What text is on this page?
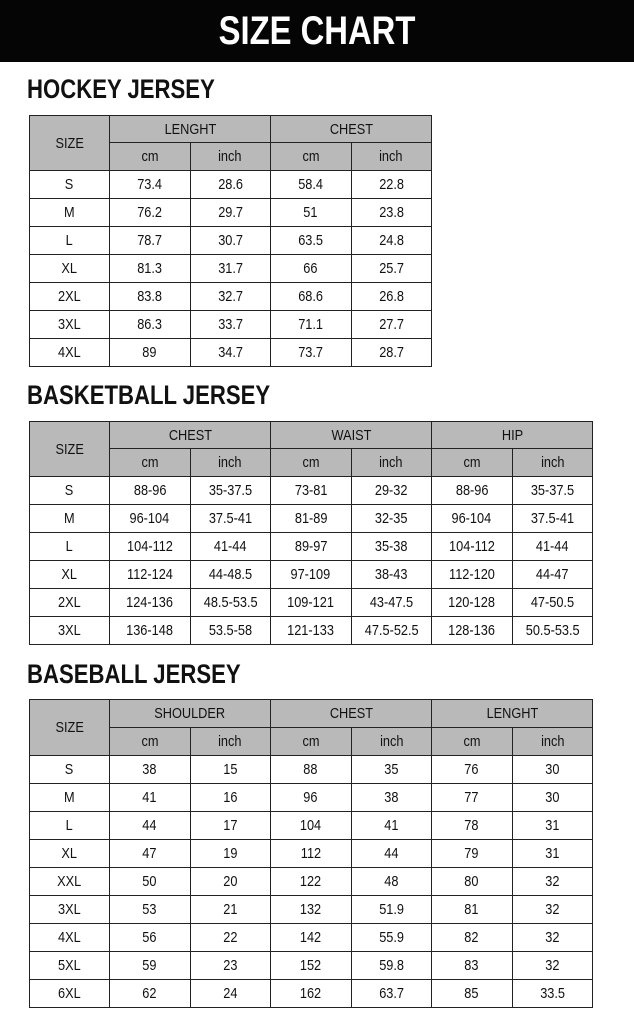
SIZE CHART
HOCKEY JERSEY
SIZE	LENGHT		CHEST	
	cm	inch	cm	inch
S	73.4	28.6	58.4	22.8
M	76.2	29.7	51	23.8
L	78.7	30.7	63.5	24.8
XL	81.3	31.7	66	25.7
2XL	83.8	32.7	68.6	26.8
3XL	86.3	33.7	71.1	27.7
4XL	89	34.7	73.7	28.7
BASKETBALL JERSEY
SIZE	CHEST		WAIST		HIP	
	cm	inch	cm	inch	cm	inch
S	88-96	35-37.5	73-81	29-32	88-96	35-37.5
M	96-104	37.5-41	81-89	32-35	96-104	37.5-41
L	104-112	41-44	89-97	35-38	104-112	41-44
XL	112-124	44-48.5	97-109	38-43	112-120	44-47
2XL	124-136	48.5-53.5	109-121	43-47.5	120-128	47-50.5
3XL	136-148	53.5-58	121-133	47.5-52.5	128-136	50.5-53.5
BASEBALL JERSEY
SIZE	SHOULDER		CHEST		LENGHT	
	cm	inch	cm	inch	cm	inch
S	38	15	88	35	76	30
M	41	16	96	38	77	30
L	44	17	104	41	78	31
XL	47	19	112	44	79	31
XXL	50	20	122	48	80	32
3XL	53	21	132	51.9	81	32
4XL	56	22	142	55.9	82	32
5XL	59	23	152	59.8	83	32
6XL	62	24	162	63.7	85	33.5
